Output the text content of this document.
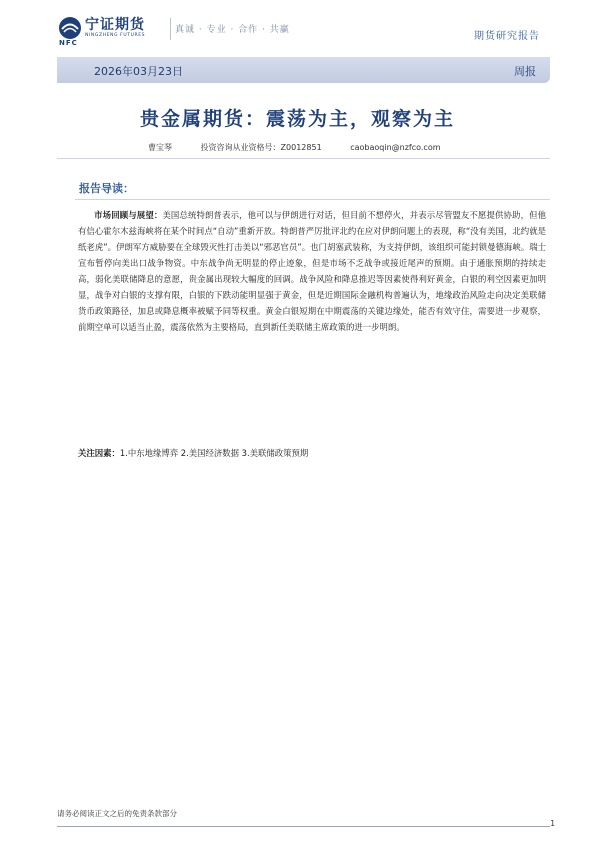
宁证期货
NINGZHENG FUTURES
NFC
真诚 · 专业 · 合作 · 共赢
期货研究报告
2026年03月23日	周报
贵金属期货：震荡为主，观察为主
曹宝琴	投资咨询从业资格号：Z0012851	caobaoqin@nzfco.com
报告导读：
市场回顾与展望：美国总统特朗普表示，他可以与伊朗进行对话，但目前不想停火，并表示尽管盟友不愿提供协助，但他有信心霍尔木兹海峡将在某个时间点“自动”重新开放。特朗普严厉批评北约在应对伊朗问题上的表现，称“没有美国，北约就是纸老虎”。伊朗军方威胁要在全球毁灭性打击美以“邪恶官员”。也门胡塞武装称，为支持伊朗，该组织可能封锁曼德海峡。瑞士宣布暂停向美出口战争物资。中东战争尚无明显的停止迹象，但是市场不乏战争或接近尾声的预期。由于通胀预期的持续走高，弱化美联储降息的意愿，贵金属出现较大幅度的回调。战争风险和降息推迟等因素使得利好黄金，白银的利空因素更加明显，战争对白银的支撑有限，白银的下跌动能明显强于黄金，但是近期国际金融机构普遍认为，地缘政治风险走向决定美联储货币政策路径，加息或降息概率被赋予同等权重。黄金白银短期在中期震荡的关键边缘处，能否有效守住，需要进一步观察，前期空单可以适当止盈，震荡依然为主要格局，直到新任美联储主席政策的进一步明朗。
关注因素：1.中东地缘博弈 2.美国经济数据 3.美联储政策预期
请务必阅读正文之后的免责条款部分
1
